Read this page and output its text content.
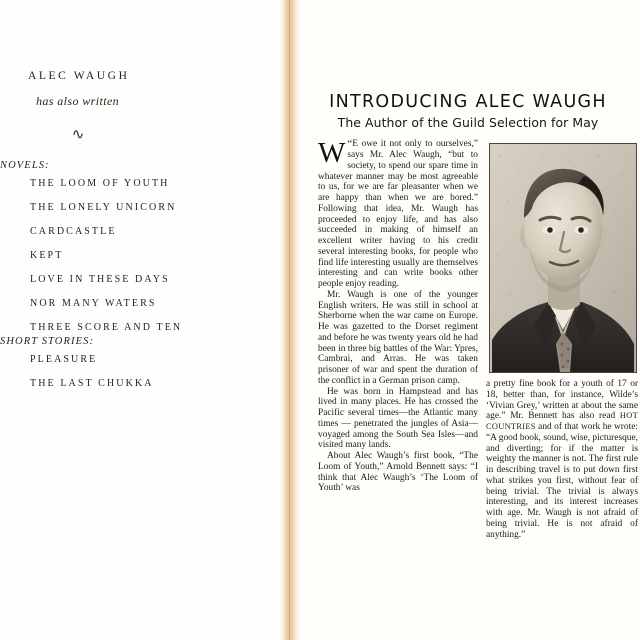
ALEC WAUGH
has also written
∿
NOVELS:
THE LOOM OF YOUTH
THE LONELY UNICORN
CARDCASTLE
KEPT
LOVE IN THESE DAYS
NOR MANY WATERS
THREE SCORE AND TEN
SHORT STORIES:
PLEASURE
THE LAST CHUKKA
INTRODUCING ALEC WAUGH
The Author of the Guild Selection for May

W “E owe it not only to ourselves,” says Mr. Alec Waugh, “but to society, to spend our spare time in whatever manner may be most agreeable to us, for we are far pleasanter when we are happy than when we are bored.” Following that idea, Mr. Waugh has proceeded to enjoy life, and has also succeeded in making of himself an excellent writer having to his credit several interesting books, for people who find life interesting usually are themselves interesting and can write books other people enjoy reading.

Mr. Waugh is one of the younger English writers. He was still in school at Sherborne when the war came on Europe. He was gazetted to the Dorset regiment and before he was twenty years old he had been in three big battles of the War: Ypres, Cambrai, and Arras. He was taken prisoner of war and spent the duration of the conflict in a German prison camp.

He was born in Hampstead and has lived in many places. He has crossed the Pacific several times—the Atlantic many times — penetrated the jungles of Asia—voyaged among the South Sea Isles—and visited many lands.

About Alec Waugh’s first book, “The Loom of Youth,” Arnold Bennett says: “I think that Alec Waugh’s ‘The Loom of Youth’ was

a pretty fine book for a youth of 17 or 18, better than, for instance, Wilde’s ‘Vivian Grey,’ written at about the same age.” Mr. Bennett has also read HOT COUNTRIES and of that work he wrote: “A good book, sound, wise, picturesque, and diverting; for if the matter is weighty the manner is not. The first rule in describing travel is to put down first what strikes you first, without fear of being trivial. The trivial is always interesting, and its interest increases with age. Mr. Waugh is not afraid of being trivial. He is not afraid of anything.”
